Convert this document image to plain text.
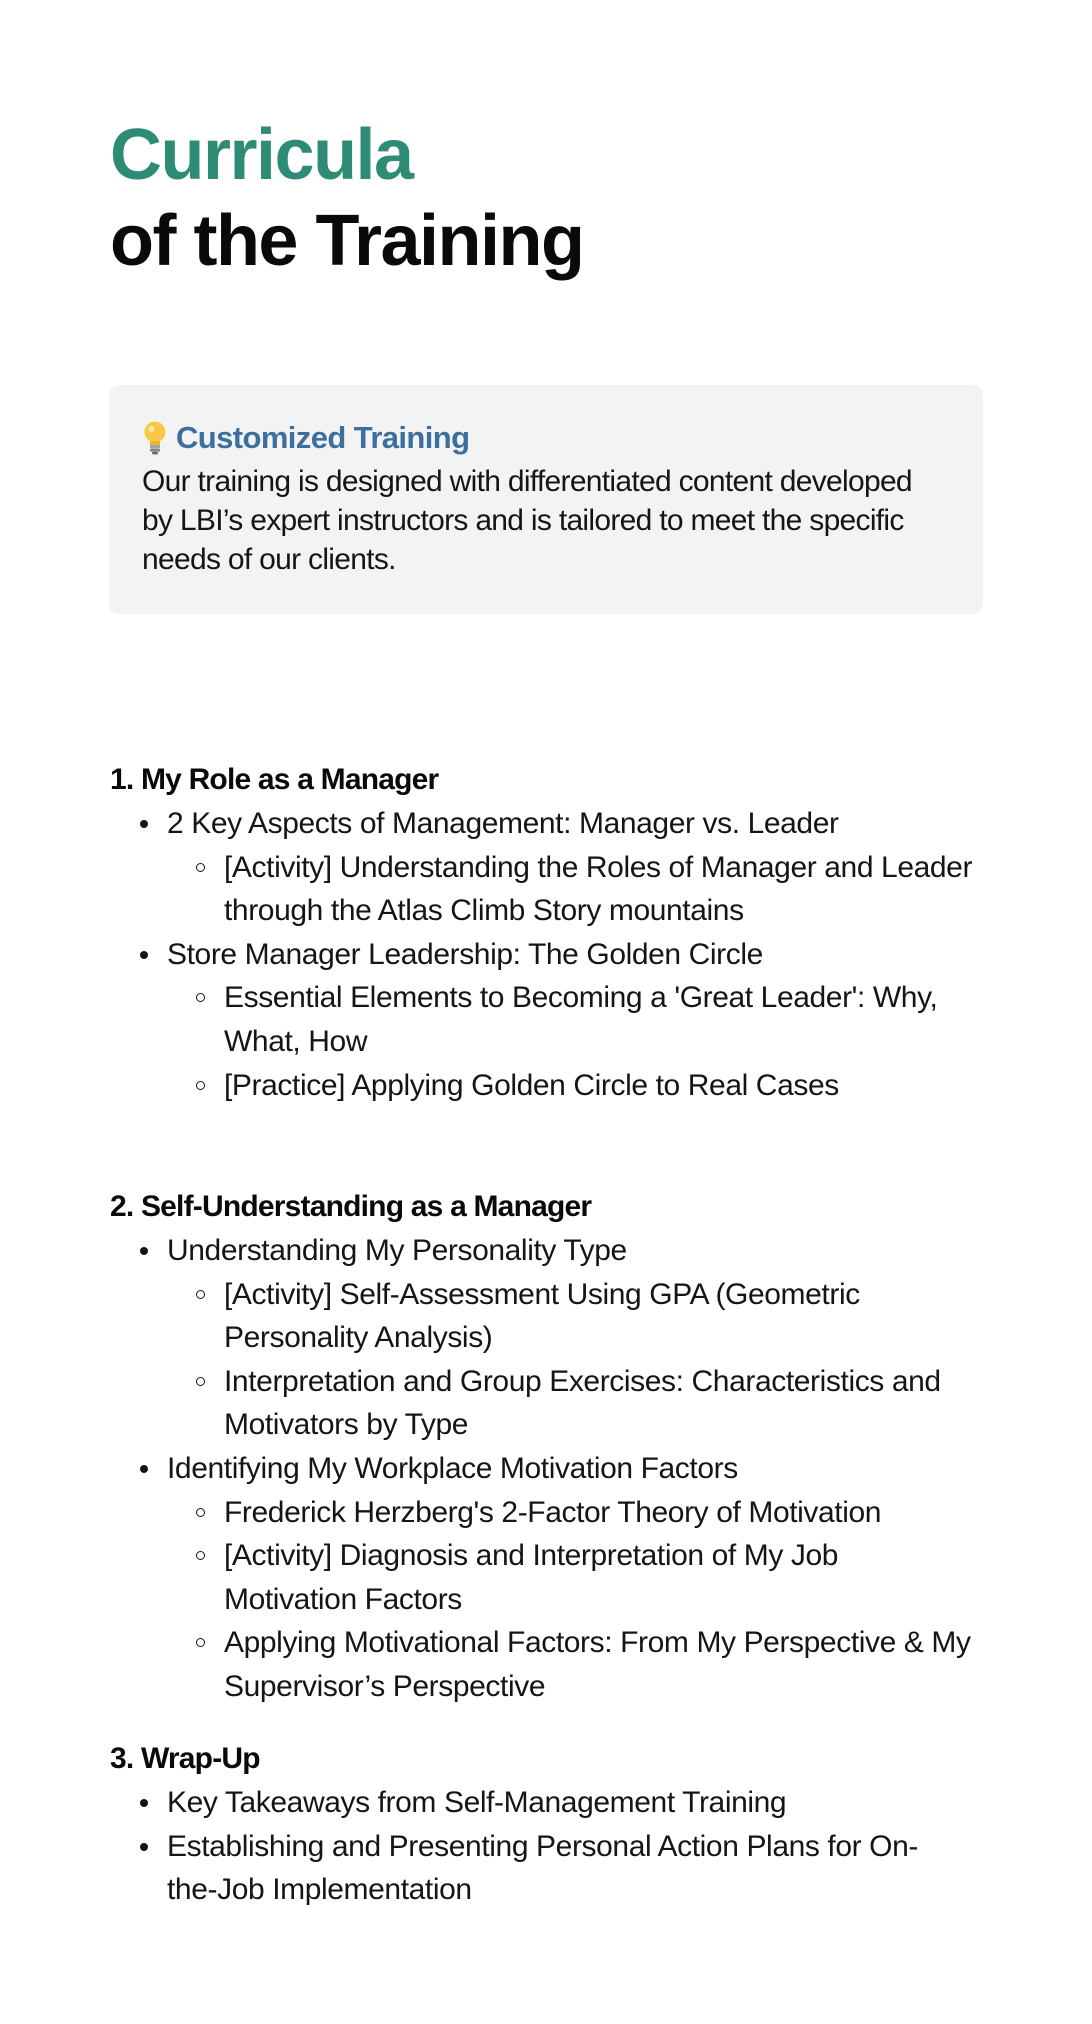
Curricula
of the Training
Customized Training
Our training is designed with differentiated content developed by LBI’s expert instructors and is tailored to meet the specific needs of our clients.
1. My Role as a Manager
2 Key Aspects of Management: Manager vs. Leader
[Activity] Understanding the Roles of Manager and Leader through the Atlas Climb Story mountains
Store Manager Leadership: The Golden Circle
Essential Elements to Becoming a 'Great Leader': Why, What, How
[Practice] Applying Golden Circle to Real Cases
2. Self-Understanding as a Manager
Understanding My Personality Type
[Activity] Self-Assessment Using GPA (Geometric Personality Analysis)
Interpretation and Group Exercises: Characteristics and Motivators by Type
Identifying My Workplace Motivation Factors
Frederick Herzberg's 2-Factor Theory of Motivation
[Activity] Diagnosis and Interpretation of My Job Motivation Factors
Applying Motivational Factors: From My Perspective & My Supervisor’s Perspective
3. Wrap-Up
Key Takeaways from Self-Management Training
Establishing and Presenting Personal Action Plans for On-the-Job Implementation
